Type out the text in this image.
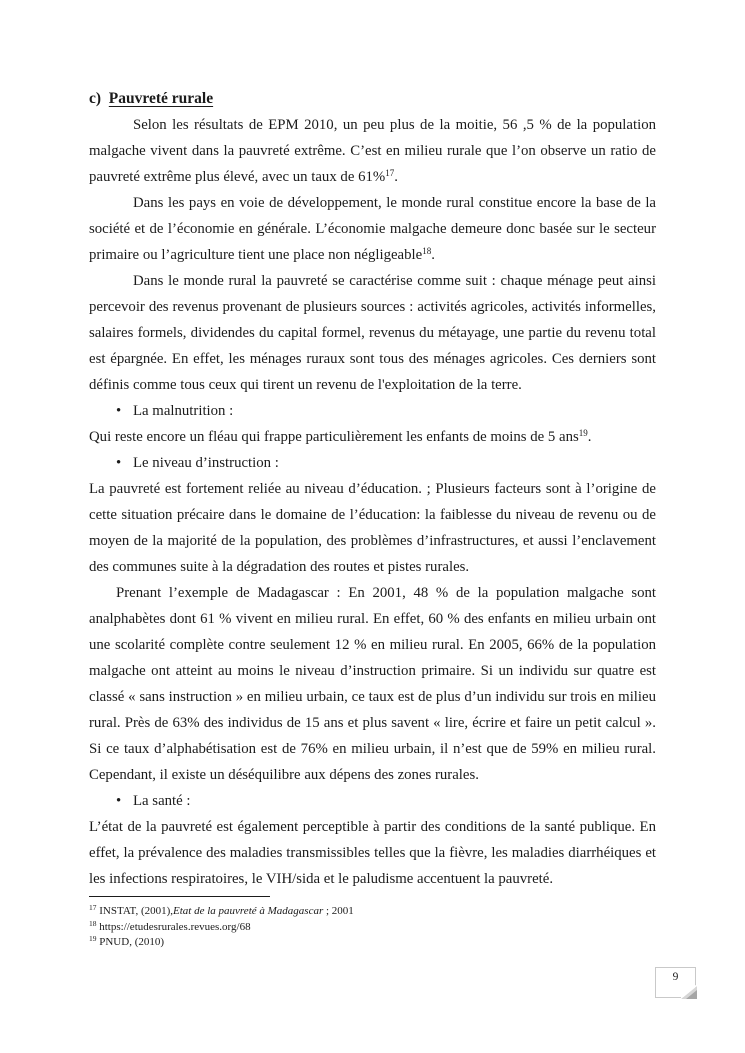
c)  Pauvreté rurale

Selon les résultats de EPM 2010, un peu plus de la moitie, 56 ,5 % de la population malgache vivent dans la pauvreté extrême. C’est en milieu rurale que l’on observe un ratio de pauvreté extrême plus élevé, avec un taux de 61%$^{17}$.

Dans les pays en voie de développement, le monde rural constitue encore la base de la société et de l’économie en générale. L’économie malgache demeure donc basée sur le secteur primaire ou l’agriculture tient une place non négligeable$^{18}$.

Dans le monde rural la pauvreté se caractérise comme suit : chaque ménage peut ainsi percevoir des revenus provenant de plusieurs sources : activités agricoles, activités informelles, salaires formels, dividendes du capital formel, revenus du métayage, une partie du revenu total est épargnée. En effet, les ménages ruraux sont tous des ménages agricoles. Ces derniers sont définis comme tous ceux qui tirent un revenu de l'exploitation de la terre.

• La malnutrition :

Qui reste encore un fléau qui frappe particulièrement les enfants de moins de 5 ans$^{19}$.

• Le niveau d’instruction :

La pauvreté est fortement reliée au niveau d’éducation. ; Plusieurs facteurs sont à l’origine de cette situation précaire dans le domaine de l’éducation: la faiblesse du niveau de revenu ou de moyen de la majorité de la population, des problèmes d’infrastructures, et aussi l’enclavement des communes suite à la dégradation des routes et pistes rurales.

Prenant l’exemple de Madagascar : En 2001, 48 % de la population malgache sont analphabètes dont 61 % vivent en milieu rural. En effet, 60 % des enfants en milieu urbain ont une scolarité complète contre seulement 12 % en milieu rural. En 2005, 66% de la population malgache ont atteint au moins le niveau d’instruction primaire. Si un individu sur quatre est classé « sans instruction » en milieu urbain, ce taux est de plus d’un individu sur trois en milieu rural. Près de 63% des individus de 15 ans et plus savent « lire, écrire et faire un petit calcul ». Si ce taux d’alphabétisation est de 76% en milieu urbain, il n’est que de 59% en milieu rural. Cependant, il existe un déséquilibre aux dépens des zones rurales.

• La santé :

L’état de la pauvreté est également perceptible à partir des conditions de la santé publique. En effet, la prévalence des maladies transmissibles telles que la fièvre, les maladies diarrhéiques et les infections respiratoires, le VIH/sida et le paludisme accentuent la pauvreté.

$^{17}$ INSTAT, (2001),Etat de la pauvreté à Madagascar ; 2001
$^{18}$ https://etudesrurales.revues.org/68
$^{19}$ PNUD, (2010)
9
